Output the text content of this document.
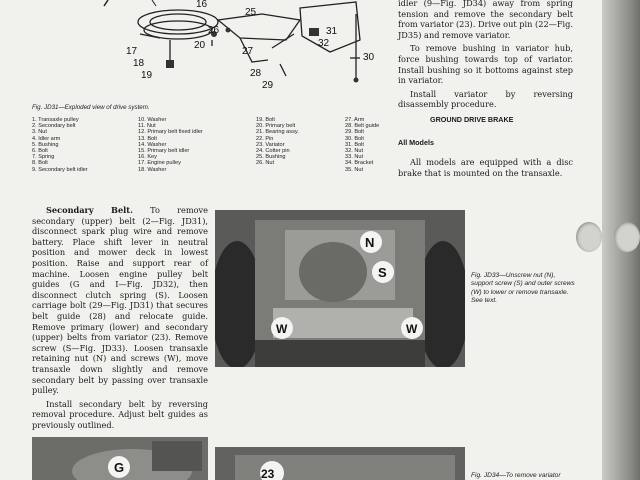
16
17
18
19
20
25
26
27
28
29
30
31
32
Fig. JD31—Exploded view of drive system.
1. Transaxle pulley
2. Secondary belt
3. Nut
4. Idler arm
5. Bushing
6. Bolt
7. Spring
8. Bolt
9. Secondary belt idler
10. Washer
11. Nut
12. Primary belt fixed idler
13. Bolt
14. Washer
15. Primary belt idler
16. Key
17. Engine pulley
18. Washer
19. Bolt
20. Primary belt
21. Bearing assy.
22. Pin
23. Variator
24. Cotter pin
25. Bushing
26. Nut
27. Arm
28. Belt guide
29. Bolt
30. Bolt
31. Bolt
32. Nut
33. Nut
34. Bracket
35. Nut

idler (9—Fig. JD34) away from spring tension and remove the secondary belt from variator (23). Drive out pin (22—Fig. JD35) and remove variator.

To remove bushing in variator hub, force bushing towards top of variator. Install bushing so it bottoms against step in variator.

Install variator by reversing disassembly procedure.

GROUND DRIVE BRAKE
All Models

All models are equipped with a disc brake that is mounted on the transaxle.

Secondary Belt. To remove secondary (upper) belt (2—Fig. JD31), disconnect spark plug wire and remove battery. Place shift lever in neutral position and mower deck in lowest position. Raise and support rear of machine. Loosen engine pulley belt guides (G and I—Fig. JD32), then disconnect clutch spring (S). Loosen carriage bolt (29—Fig. JD31) that secures belt guide (28) and relocate guide. Remove primary (lower) and secondary (upper) belts from variator (23). Remove screw (S—Fig. JD33). Loosen transaxle retaining nut (N) and screws (W), move transaxle down slightly and remove secondary belt by passing over transaxle pulley.

Install secondary belt by reversing removal procedure. Adjust belt guides as previously outlined.

N
S
W	W
Fig. JD33—Unscrew nut (N), support screw (S) and outer screws (W) to lower or remove transaxle. See text.
G	23	Fig. JD34—To remove variator
